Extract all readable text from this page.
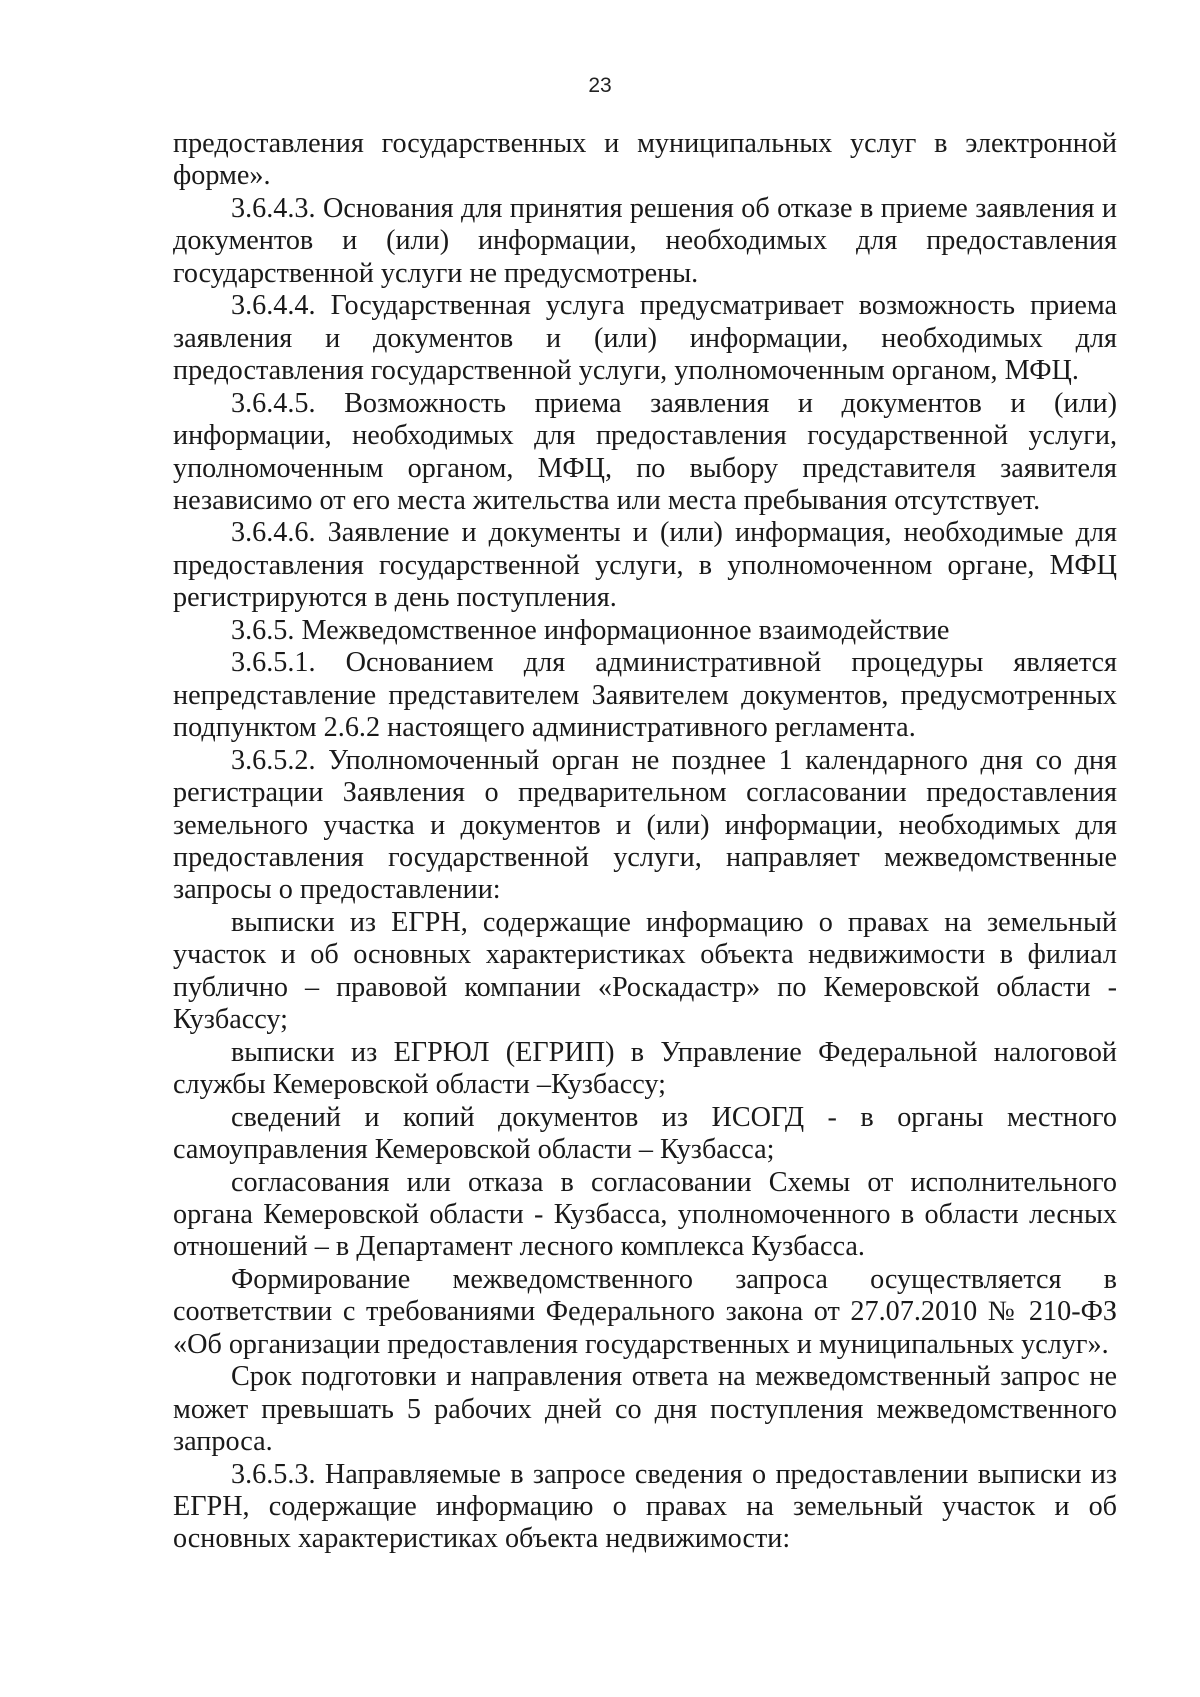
23

предоставления государственных и муниципальных услуг в электронной форме».

3.6.4.3. Основания для принятия решения об отказе в приеме заявления и документов и (или) информации, необходимых для предоставления государственной услуги не предусмотрены.

3.6.4.4. Государственная услуга предусматривает возможность приема заявления и документов и (или) информации, необходимых для предоставления государственной услуги, уполномоченным органом, МФЦ.

3.6.4.5. Возможность приема заявления и документов и (или) информации, необходимых для предоставления государственной услуги, уполномоченным органом, МФЦ, по выбору представителя заявителя независимо от его места жительства или места пребывания отсутствует.

3.6.4.6. Заявление и документы и (или) информация, необходимые для предоставления государственной услуги, в уполномоченном органе, МФЦ регистрируются в день поступления.

3.6.5. Межведомственное информационное взаимодействие

3.6.5.1. Основанием для административной процедуры является непредставление представителем Заявителем документов, предусмотренных подпунктом 2.6.2 настоящего административного регламента.

3.6.5.2. Уполномоченный орган не позднее 1 календарного дня со дня регистрации Заявления о предварительном согласовании предоставления земельного участка и документов и (или) информации, необходимых для предоставления государственной услуги, направляет межведомственные запросы о предоставлении:

выписки из ЕГРН, содержащие информацию о правах на земельный участок и об основных характеристиках объекта недвижимости в филиал публично – правовой компании «Роскадастр» по Кемеровской области - Кузбассу;

выписки из ЕГРЮЛ (ЕГРИП) в Управление Федеральной налоговой службы Кемеровской области –Кузбассу;

сведений и копий документов из ИСОГД - в органы местного самоуправления Кемеровской области – Кузбасса;

согласования или отказа в согласовании Схемы от исполнительного органа Кемеровской области - Кузбасса, уполномоченного в области лесных отношений – в Департамент лесного комплекса Кузбасса.

Формирование межведомственного запроса осуществляется в соответствии с требованиями Федерального закона от 27.07.2010 № 210-ФЗ «Об организации предоставления государственных и муниципальных услуг».

Срок подготовки и направления ответа на межведомственный запрос не может превышать 5 рабочих дней со дня поступления межведомственного запроса.

3.6.5.3. Направляемые в запросе сведения о предоставлении выписки из ЕГРН, содержащие информацию о правах на земельный участок и об основных характеристиках объекта недвижимости:
